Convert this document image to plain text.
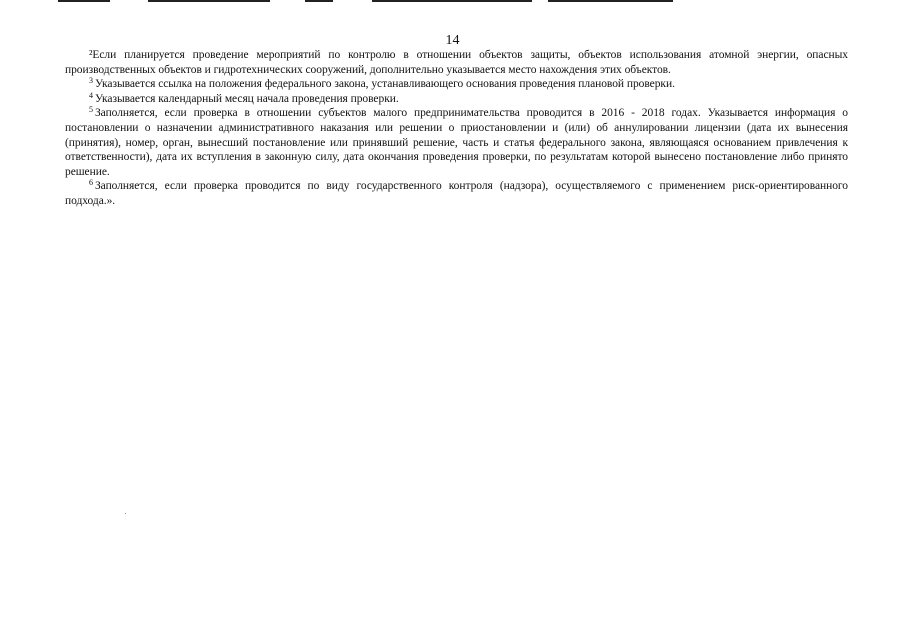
14

²Если планируется проведение мероприятий по контролю в отношении объектов защиты, объектов использования атомной энергии, опасных производственных объектов и гидротехнических сооружений, дополнительно указывается место нахождения этих объектов.

$^3$ Указывается ссылка на положения федерального закона, устанавливающего основания проведения плановой проверки.

$^4$ Указывается календарный месяц начала проведения проверки.

$^5$ Заполняется, если проверка в отношении субъектов малого предпринимательства проводится в 2016 - 2018 годах. Указывается информация о постановлении о назначении административного наказания или решении о приостановлении и (или) об аннулировании лицензии (дата их вынесения (принятия), номер, орган, вынесший постановление или принявший решение, часть и статья федерального закона, являющаяся основанием привлечения к ответственности), дата их вступления в законную силу, дата окончания проведения проверки, по результатам которой вынесено постановление либо принято решение.

$^6$ Заполняется, если проверка проводится по виду государственного контроля (надзора), осуществляемого с применением риск-ориентированного подхода.».
